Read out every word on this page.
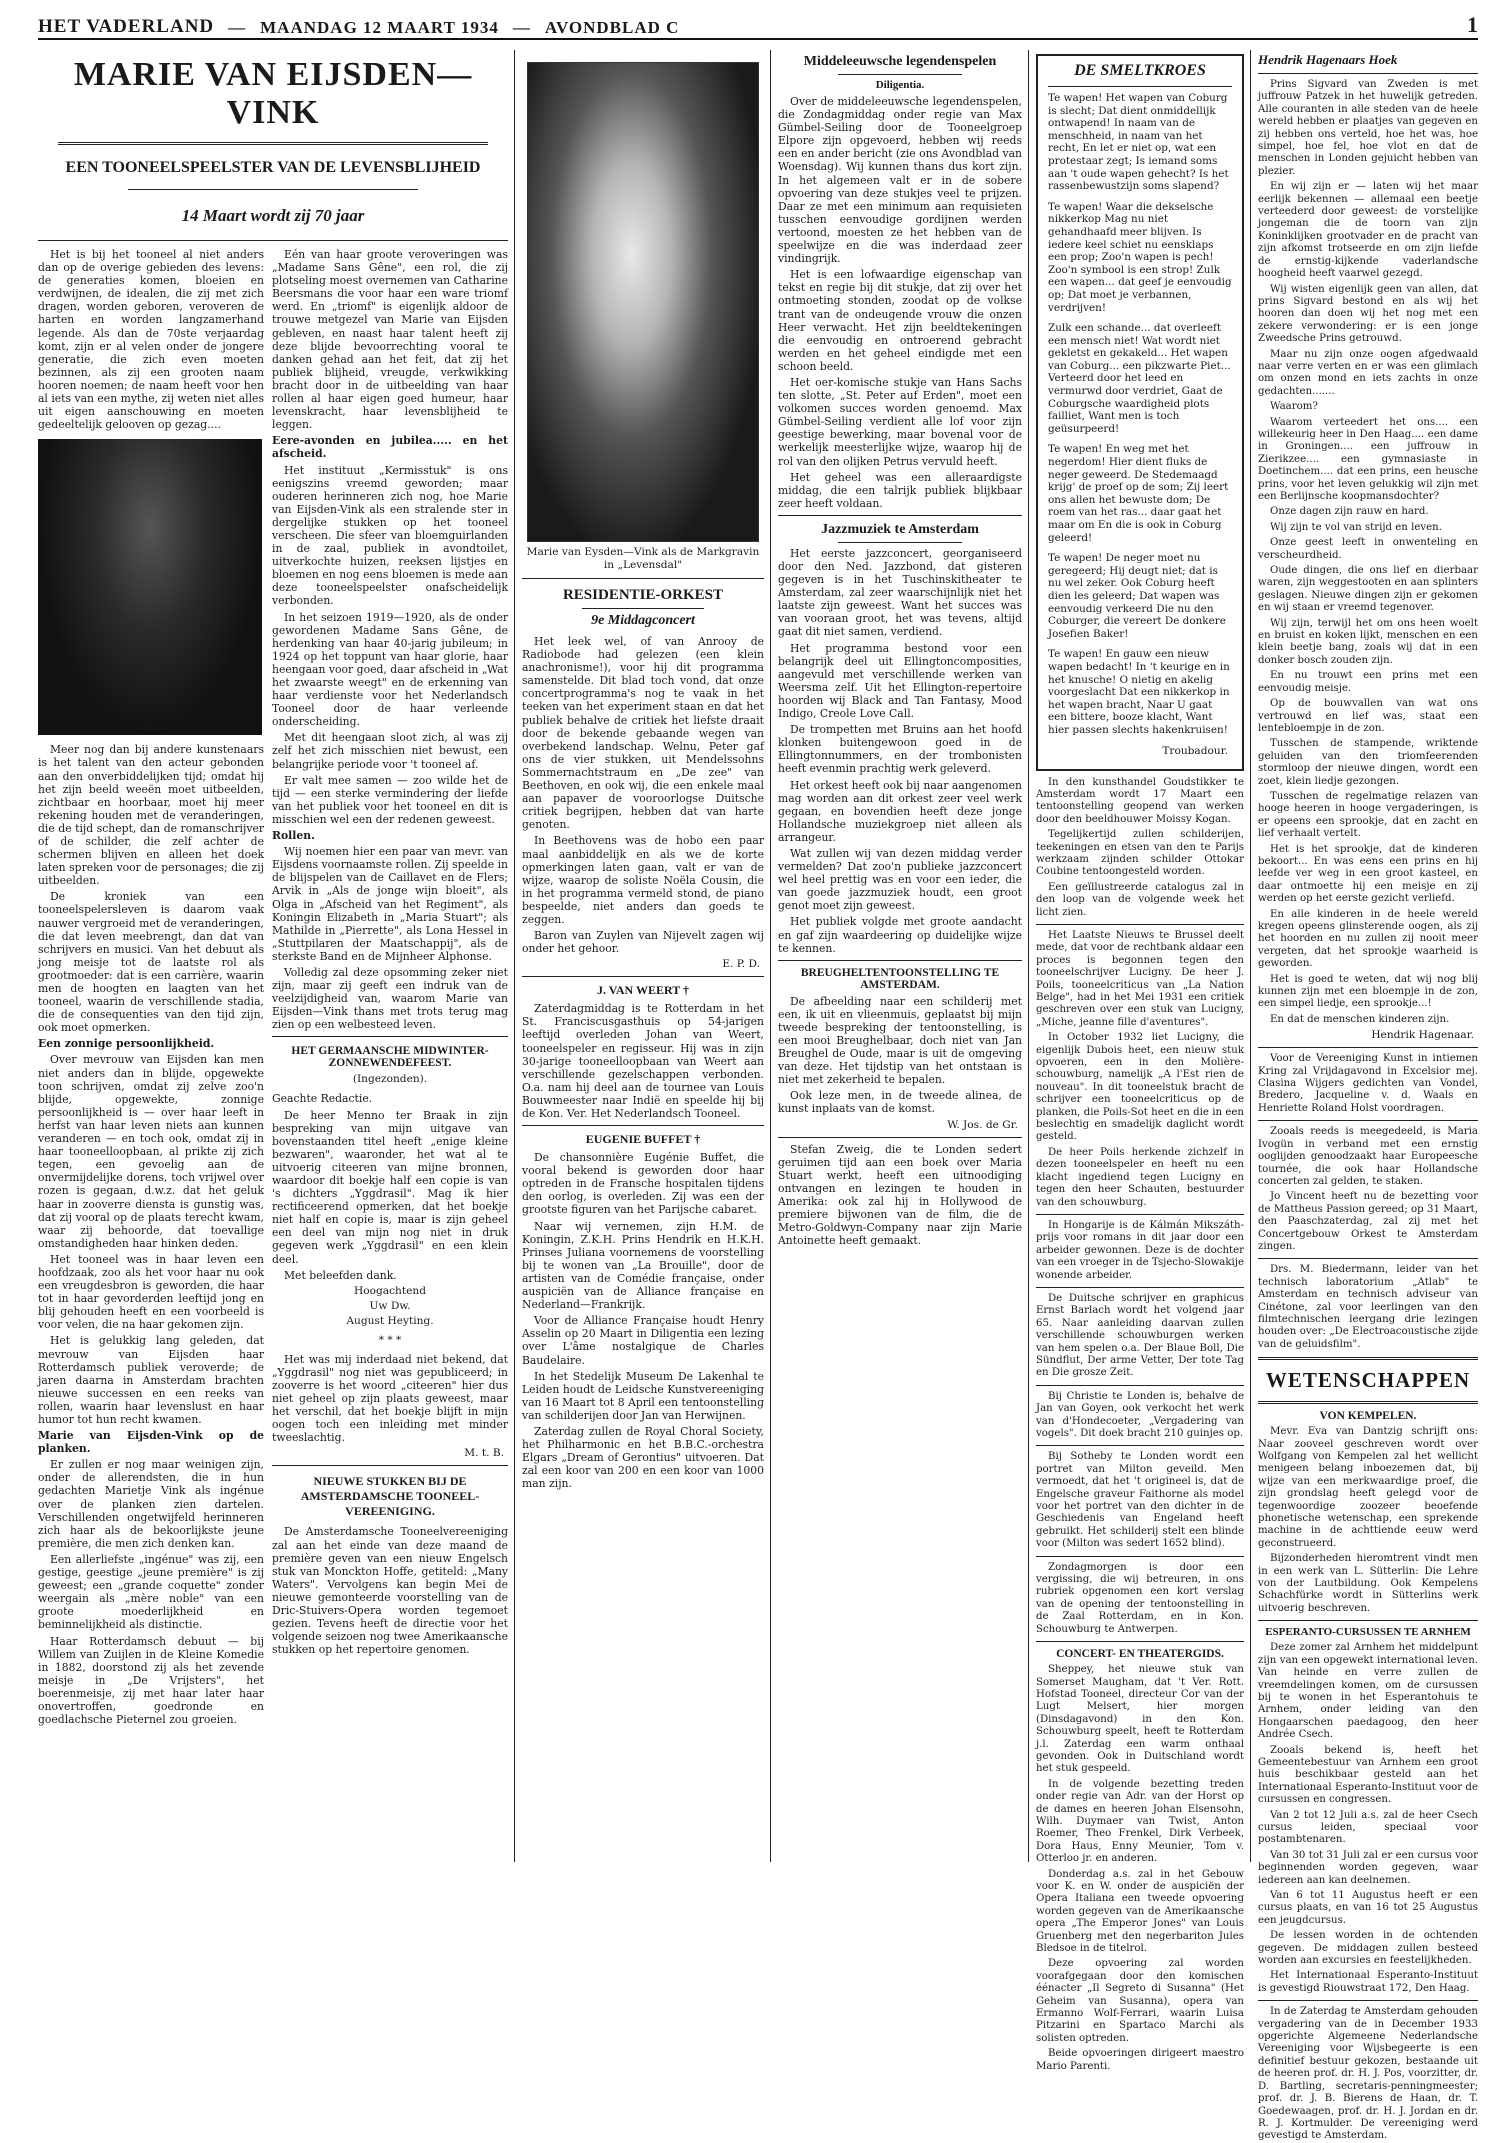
HET VADERLAND — MAANDAG 12 MAART 1934 — AVONDBLAD C	1
MARIE VAN EIJSDEN—VINK
EEN TOONEELSPEELSTER VAN DE LEVENSBLIJHEID
14 Maart wordt zij 70 jaar

Het is bij het tooneel al niet anders dan op de overige gebieden des levens: de generaties komen, bloeien en verdwijnen, de idealen, die zij met zich dragen, worden geboren, veroveren de harten en worden langzamerhand legende. Als dan de 70ste verjaardag komt, zijn er al velen onder de jongere generatie, die zich even moeten bezinnen, als zij een grooten naam hooren noemen; de naam heeft voor hen al iets van een mythe, zij weten niet alles uit eigen aanschouwing en moeten gedeeltelijk gelooven op gezag....

Meer nog dan bij andere kunstenaars is het talent van den acteur gebonden aan den onverbiddelijken tijd; omdat hij het zijn beeld weeën moet uitbeelden, zichtbaar en hoorbaar, moet hij meer rekening houden met de veranderingen, die de tijd schept, dan de romanschrijver of de schilder, die zelf achter de schermen blijven en alleen het doek laten spreken voor de personages; die zij uitbeelden.

De kroniek van een tooneelspelersleven is daarom vaak nauwer vergroeid met de veranderingen, die dat leven meebrengt, dan dat van schrijvers en musici. Van het debuut als jong meisje tot de laatste rol als grootmoeder: dat is een carrière, waarin men de hoogten en laagten van het tooneel, waarin de verschillende stadia, die de consequenties van den tijd zijn, ook moet opmerken.

Een zonnige persoonlijkheid.

Over mevrouw van Eijsden kan men niet anders dan in blijde, opgewekte toon schrijven, omdat zij zelve zoo'n blijde, opgewekte, zonnige persoonlijkheid is — over haar leeft in herfst van haar leven niets aan kunnen veranderen — en toch ook, omdat zij in haar tooneelloopbaan, al prikte zij zich tegen, een gevoelig aan de onvermijdelijke dorens, toch vrijwel over rozen is gegaan, d.w.z. dat het geluk haar in zooverre diensta is gunstig was, dat zij vooral op de plaats terecht kwam, waar zij behoorde, dat toevallige omstandigheden haar hinken deden.

Het tooneel was in haar leven een hoofdzaak, zoo als het voor haar nu ook een vreugdesbron is geworden, die haar tot in haar gevorderden leeftijd jong en blij gehouden heeft en een voorbeeld is voor velen, die na haar gekomen zijn.

Het is gelukkig lang geleden, dat mevrouw van Eijsden haar Rotterdamsch publiek veroverde; de jaren daarna in Amsterdam brachten nieuwe successen en een reeks van rollen, waarin haar levenslust en haar humor tot hun recht kwamen.

Marie van Eijsden-Vink op de planken.

Er zullen er nog maar weinigen zijn, onder de allerendsten, die in hun gedachten Marietje Vink als ingénue over de planken zien dartelen. Verschillenden ongetwijfeld herinneren zich haar als de bekoorlijkste jeune première, die men zich denken kan.

Een allerliefste „ingénue" was zij, een gestige, geestige „jeune première" is zij geweest; een „grande coquette" zonder weergain als „mère noble" van een groote moederlijkheid en beminnelijkheid als distinctie.

Haar Rotterdamsch debuut — bij Willem van Zuijlen in de Kleine Komedie in 1882, doorstond zij als het zevende meisje in „De Vrijsters", het boerenmeisje, zij met haar later haar onovertroffen, goedronde en goedlachsche Pieternel zou groeien.

Eén van haar groote veroveringen was „Madame Sans Gêne", een rol, die zij plotseling moest overnemen van Catharine Beersmans die voor haar een ware triomf werd. En „triomf" is eigenlijk aldoor de trouwe metgezel van Marie van Eijsden gebleven, en naast haar talent heeft zij deze blijde bevoorrechting vooral te danken gehad aan het feit, dat zij het publiek blijheid, vreugde, verkwikking bracht door in de uitbeelding van haar rollen al haar eigen goed humeur, haar levenskracht, haar levensblijheid te leggen.

Eere-avonden en jubilea..... en het afscheid.

Het instituut „Kermisstuk" is ons eenigszins vreemd geworden; maar ouderen herinneren zich nog, hoe Marie van Eijsden-Vink als een stralende ster in dergelijke stukken op het tooneel verscheen. Die sfeer van bloemguirlanden in de zaal, publiek in avondtoilet, uitverkochte huizen, reeksen lijstjes en bloemen en nog eens bloemen is mede aan deze tooneelspeelster onafscheidelijk verbonden.

In het seizoen 1919—1920, als de onder gewordenen Madame Sans Gêne, de herdenking van haar 40-jarig jubileum; in 1924 op het toppunt van haar glorie, haar heengaan voor goed, daar afscheid in „Wat het zwaarste weegt" en de erkenning van haar verdienste voor het Nederlandsch Tooneel door de haar verleende onderscheiding.

Met dit heengaan sloot zich, al was zij zelf het zich misschien niet bewust, een belangrijke periode voor 't tooneel af.

Er valt mee samen — zoo wilde het de tijd — een sterke vermindering der liefde van het publiek voor het tooneel en dit is misschien wel een der redenen geweest.

Rollen.

Wij noemen hier een paar van mevr. van Eijsdens voornaamste rollen. Zij speelde in de blijspelen van de Caillavet en de Flers; Arvik in „Als de jonge wijn bloeit", als Olga in „Afscheid van het Regiment", als Koningin Elizabeth in „Maria Stuart"; als Mathilde in „Pierrette", als Lona Hessel in „Stuttpilaren der Maatschappij", als de sterkste Band en de Mijnheer Alphonse.

Volledig zal deze opsomming zeker niet zijn, maar zij geeft een indruk van de veelzijdigheid van, waarom Marie van Eijsden—Vink thans met trots terug mag zien op een welbesteed leven.

HET GERMAANSCHE MIDWINTER-ZONNEWENDEFEEST.
(Ingezonden).

Geachte Redactie.

De heer Menno ter Braak in zijn bespreking van mijn uitgave van bovenstaanden titel heeft „enige kleine bezwaren", waaronder, het wat al te uitvoerig citeeren van mijne bronnen, waardoor dit boekje half een copie is van 's dichters „Yggdrasil". Mag ik hier rectificeerend opmerken, dat het boekje niet half en copie is, maar is zijn geheel een deel van mijn nog niet in druk gegeven werk „Yggdrasil" en een klein deel.

Met beleefden dank.

Hoogachtend
Uw Dw.
August Heyting.
* * *

Het was mij inderdaad niet bekend, dat „Yggdrasil" nog niet was gepubliceerd; in zooverre is het woord „citeeren" hier dus niet geheel op zijn plaats geweest, maar het verschil, dat het boekje blijft in mijn oogen toch een inleiding met minder tweeslachtig.

M. t. B.
NIEUWE STUKKEN BIJ DE AMSTERDAMSCHE TOONEEL-VEREENIGING.

De Amsterdamsche Tooneelvereeniging zal aan het einde van deze maand de première geven van een nieuw Engelsch stuk van Monckton Hoffe, getiteld: „Many Waters". Vervolgens kan begin Mei de nieuwe gemonteerde voorstelling van de Dric-Stuivers-Opera worden tegemoet gezien. Tevens heeft de directie voor het volgende seizoen nog twee Amerikaansche stukken op het repertoire genomen.

Marie van Eysden—Vink als de Markgravin in „Levensdal"
RESIDENTIE-ORKEST
9e Middagconcert

Het leek wel, of van Anrooy de Radiobode had gelezen (een klein anachronisme!), voor hij dit programma samenstelde. Dit blad toch vond, dat onze concertprogramma's nog te vaak in het teeken van het experiment staan en dat het publiek behalve de critiek het liefste draait door de bekende gebaande wegen van overbekend landschap. Welnu, Peter gaf ons de vier stukken, uit Mendelssohns Sommernachtstraum en „De zee" van Beethoven, en ook wij, die een enkele maal aan papaver de vooroorlogse Duitsche critiek begrijpen, hebben dat van harte genoten.

In Beethovens was de hobo een paar maal aanbiddelijk en als we de korte opmerkingen laten gaan, valt er van de wijze, waarop de soliste Noëla Cousin, die in het programma vermeld stond, de piano bespeelde, niet anders dan goeds te zeggen.

Baron van Zuylen van Nijevelt zagen wij onder het gehoor.

E. P. D.
J. VAN WEERT †

Zaterdagmiddag is te Rotterdam in het St. Franciscusgasthuis op 54-jarigen leeftijd overleden Johan van Weert, tooneelspeler en regisseur. Hij was in zijn 30-jarige tooneelloopbaan van Weert aan verschillende gezelschappen verbonden. O.a. nam hij deel aan de tournee van Louis Bouwmeester naar Indië en speelde hij bij de Kon. Ver. Het Nederlandsch Tooneel.

EUGENIE BUFFET †

De chansonnière Eugénie Buffet, die vooral bekend is geworden door haar optreden in de Fransche hospitalen tijdens den oorlog, is overleden. Zij was een der grootste figuren van het Parijsche cabaret.

Naar wij vernemen, zijn H.M. de Koningin, Z.K.H. Prins Hendrik en H.K.H. Prinses Juliana voornemens de voorstelling bij te wonen van „La Brouille", door de artisten van de Comédie française, onder auspiciën van de Alliance française en Nederland—Frankrijk.

Voor de Alliance Française houdt Henry Asselin op 20 Maart in Diligentia een lezing over L'âme nostalgique de Charles Baudelaire.

In het Stedelijk Museum De Lakenhal te Leiden houdt de Leidsche Kunstvereeniging van 16 Maart tot 8 April een tentoonstelling van schilderijen door Jan van Herwijnen.

Zaterdag zullen de Royal Choral Society, het Philharmonic en het B.B.C.-orchestra Elgars „Dream of Gerontius" uitvoeren. Dat zal een koor van 200 en een koor van 1000 man zijn.

Middeleeuwsche legendenspelen
Diligentia.

Over de middeleeuwsche legendenspelen, die Zondagmiddag onder regie van Max Gümbel-Seiling door de Tooneelgroep Elpore zijn opgevoerd, hebben wij reeds een en ander bericht (zie ons Avondblad van Woensdag). Wij kunnen thans dus kort zijn. In het algemeen valt er in de sobere opvoering van deze stukjes veel te prijzen. Daar ze met een minimum aan requisieten tusschen eenvoudige gordijnen werden vertoond, moesten ze het hebben van de speelwijze en die was inderdaad zeer vindingrijk.

Het is een lofwaardige eigenschap van tekst en regie bij dit stukje, dat zij over het ontmoeting stonden, zoodat op de volkse trant van de ondeugende vrouw die onzen Heer verwacht. Het zijn beeldtekeningen die eenvoudig en ontroerend gebracht werden en het geheel eindigde met een schoon beeld.

Het oer-komische stukje van Hans Sachs ten slotte, „St. Peter auf Erden", moet een volkomen succes worden genoemd. Max Gümbel-Seiling verdient alle lof voor zijn geestige bewerking, maar bovenal voor de werkelijk meesterlijke wijze, waarop hij de rol van den olijken Petrus vervuld heeft.

Het geheel was een alleraardigste middag, die een talrijk publiek blijkbaar zeer heeft voldaan.

Jazzmuziek te Amsterdam

Het eerste jazzconcert, georganiseerd door den Ned. Jazzbond, dat gisteren gegeven is in het Tuschinskitheater te Amsterdam, zal zeer waarschijnlijk niet het laatste zijn geweest. Want het succes was van vooraan groot, het was tevens, altijd gaat dit niet samen, verdiend.

Het programma bestond voor een belangrijk deel uit Ellingtoncomposities, aangevuld met verschillende werken van Weersma zelf. Uit het Ellington-repertoire hoorden wij Black and Tan Fantasy, Mood Indigo, Creole Love Call.

De trompetten met Bruins aan het hoofd klonken buitengewoon goed in de Ellingtonnummers, en der trombonisten heeft evenmin prachtig werk geleverd.

Het orkest heeft ook bij naar aangenomen mag worden aan dit orkest zeer veel werk gegaan, en bovendien heeft deze jonge Hollandsche muziekgroep niet alleen als arrangeur.

Wat zullen wij van dezen middag verder vermelden? Dat zoo'n publieke jazzconcert wel heel prettig was en voor een ieder, die van goede jazzmuziek houdt, een groot genot moet zijn geweest.

Het publiek volgde met groote aandacht en gaf zijn waardeering op duidelijke wijze te kennen.

BREUGHELTENTOONSTELLING TE AMSTERDAM.

De afbeelding naar een schilderij met een, ik uit en vlieenmuis, geplaatst bij mijn tweede bespreking der tentoonstelling, is een mooi Breughelbaar, doch niet van Jan Breughel de Oude, maar is uit de omgeving van deze. Het tijdstip van het ontstaan is niet met zekerheid te bepalen.

Ook leze men, in de tweede alinea, de kunst inplaats van de komst.

W. Jos. de Gr.

Stefan Zweig, die te Londen sedert geruimen tijd aan een boek over Maria Stuart werkt, heeft een uitnoodiging ontvangen en lezingen te houden in Amerika: ook zal hij in Hollywood de premiere bijwonen van de film, die de Metro-Goldwyn-Company naar zijn Marie Antoinette heeft gemaakt.

DE SMELTKROES
Te wapen! Het wapen van Coburg is slecht; Dat dient onmiddellijk ontwapend! In naam van de menschheid, in naam van het recht, En let er niet op, wat een protestaar zegt; Is iemand soms aan 't oude wapen gehecht? Is het rassenbewustzijn soms slapend?
Te wapen! Waar die dekselsche nikkerkop Mag nu niet gehandhaafd meer blijven. Is iedere keel schiet nu eensklaps een prop; Zoo'n wapen is pech! Zoo'n symbool is een strop! Zulk een wapen... dat geef je eenvoudig op; Dat moet je verbannen, verdrijven!
Zulk een schande... dat overleeft een mensch niet! Wat wordt niet gekletst en gekakeld... Het wapen van Coburg... een pikzwarte Piet... Verteerd door het leed en vermurwd door verdriet, Gaat de Coburgsche waardigheid plots failliet, Want men is toch geüsurpeerd!
Te wapen! En weg met het negerdom! Hier dient fluks de neger geweerd. De Stedemaagd krijg' de proef op de som; Zij leert ons allen het bewuste dom; De roem van het ras... daar gaat het maar om En die is ook in Coburg geleerd!
Te wapen! De neger moet nu geregeerd; Hij deugt niet; dat is nu wel zeker. Ook Coburg heeft dien les geleerd; Dat wapen was eenvoudig verkeerd Die nu den Coburger, die vereert De donkere Josefien Baker!
Te wapen! En gauw een nieuw wapen bedacht! In 't keurige en in het knusche! O nietig en akelig voorgeslacht Dat een nikkerkop in het wapen bracht, Naar U gaat een bittere, booze klacht, Want hier passen slechts hakenkruisen!
Troubadour.

In den kunsthandel Goudstikker te Amsterdam wordt 17 Maart een tentoonstelling geopend van werken door den beeldhouwer Moissy Kogan.

Tegelijkertijd zullen schilderijen, teekeningen en etsen van den te Parijs werkzaam zijnden schilder Ottokar Coubine tentoongesteld worden.

Een geïllustreerde catalogus zal in den loop van de volgende week het licht zien.

Het Laatste Nieuws te Brussel deelt mede, dat voor de rechtbank aldaar een proces is begonnen tegen den tooneelschrijver Lucigny. De heer J. Poils, tooneelcriticus van „La Nation Belge", had in het Mei 1931 een critiek geschreven over een stuk van Lucigny, „Miche, jeanne fille d'aventures".

In October 1932 liet Lucigny, die eigenlijk Dubois heet, een nieuw stuk opvoeren, een in den Molière-schouwburg, namelijk „A l'Est rien de nouveau". In dit tooneelstuk bracht de schrijver een tooneelcriticus op de planken, die Poils-Sot heet en die in een beslechtig en smadelijk daglicht wordt gesteld.

De heer Poils herkende zichzelf in dezen tooneelspeler en heeft nu een klacht ingediend tegen Lucigny en tegen den heer Schauten, bestuurder van den schouwburg.

In Hongarije is de Kálmán Mikszáth-prijs voor romans in dit jaar door een arbeider gewonnen. Deze is de dochter van een vroeger in de Tsjecho-Slowakije wonende arbeider.

De Duitsche schrijver en graphicus Ernst Barlach wordt het volgend jaar 65. Naar aanleiding daarvan zullen verschillende schouwburgen werken van hem spelen o.a. Der Blaue Boll, Die Sündflut, Der arme Vetter, Der tote Tag en Die grosze Zeit.

Bij Christie te Londen is, behalve de Jan van Goyen, ook verkocht het werk van d'Hondecoeter, „Vergadering van vogels". Dit doek bracht 210 guinjes op.

Bij Sotheby te Londen wordt een portret van Milton geveild. Men vermoedt, dat het 't origineel is, dat de Engelsche graveur Faithorne als model voor het portret van den dichter in de Geschiedenis van Engeland heeft gebruikt. Het schilderij stelt een blinde voor (Milton was sedert 1652 blind).

Zondagmorgen is door een vergissing, die wij betreuren, in ons rubriek opgenomen een kort verslag van de opening der tentoonstelling in de Zaal Rotterdam, en in Kon. Schouwburg te Antwerpen.

CONCERT- EN THEATERGIDS.

Sheppey, het nieuwe stuk van Somerset Maugham, dat 't Ver. Rott. Hofstad Tooneel, directeur Cor van der Lugt Melsert, hier morgen (Dinsdagavond) in den Kon. Schouwburg speelt, heeft te Rotterdam j.l. Zaterdag een warm onthaal gevonden. Ook in Duitschland wordt het stuk gespeeld.

In de volgende bezetting treden onder regie van Adr. van der Horst op de dames en heeren Johan Elsensohn, Wilh. Duymaer van Twist, Anton Roemer, Theo Frenkel, Dirk Verbeek, Dora Haus, Enny Meunier, Tom v. Otterloo jr. en anderen.

Donderdag a.s. zal in het Gebouw voor K. en W. onder de auspiciën der Opera Italiana een tweede opvoering worden gegeven van de Amerikaansche opera „The Emperor Jones" van Louis Gruenberg met den negerbariton Jules Bledsoe in de titelrol.

Deze opvoering zal worden voorafgegaan door den komischen éénacter „Il Segreto di Susanna" (Het Geheim van Susanna), opera van Ermanno Wolf-Ferrari, waarin Luisa Pitzarini en Spartaco Marchi als solisten optreden.

Beide opvoeringen dirigeert maestro Mario Parenti.

Hendrik Hagenaars Hoek

Prins Sigvard van Zweden is met juffrouw Patzek in het huwelijk getreden. Alle couranten in alle steden van de heele wereld hebben er plaatjes van gegeven en zij hebben ons verteld, hoe het was, hoe simpel, hoe fel, hoe vlot en dat de menschen in Londen gejuicht hebben van plezier.

En wij zijn er — laten wij het maar eerlijk bekennen — allemaal een beetje verteederd door geweest: de vorstelijke jongeman die de toorn van zijn Koninklijken grootvader en de pracht van zijn afkomst trotseerde en om zijn liefde de ernstig-kijkende vaderlandsche hoogheid heeft vaarwel gezegd.

Wij wisten eigenlijk geen van allen, dat prins Sigvard bestond en als wij het hooren dan doen wij het nog met een zekere verwondering: er is een jonge Zweedsche Prins getrouwd.

Maar nu zijn onze oogen afgedwaald naar verre verten en er was een glimlach om onzen mond en iets zachts in onze gedachten.......

Waarom?

Waarom verteedert het ons.... een willekeurig heer in Den Haag.... een dame in Groningen.... een juffrouw in Zierikzee.... een gymnasiaste in Doetinchem.... dat een prins, een heusche prins, voor het leven gelukkig wil zijn met een Berlijnsche koopmansdochter?

Onze dagen zijn rauw en hard.

Wij zijn te vol van strijd en leven.

Onze geest leeft in onwenteling en verscheurdheid.

Oude dingen, die ons lief en dierbaar waren, zijn weggestooten en aan splinters geslagen. Nieuwe dingen zijn er gekomen en wij staan er vreemd tegenover.

Wij zijn, terwijl het om ons heen woelt en bruist en koken lijkt, menschen en een klein beetje bang, zoals wij dat in een donker bosch zouden zijn.

En nu trouwt een prins met een eenvoudig meisje.

Op de bouwvallen van wat ons vertrouwd en lief was, staat een lentebloempje in de zon.

Tusschen de stampende, wriktende geluiden van den triomfeerenden stormloop der nieuwe dingen, wordt een zoet, klein liedje gezongen.

Tusschen de regelmatige relazen van hooge heeren in hooge vergaderingen, is er opeens een sprookje, dat en zacht en lief verhaalt vertelt.

Het is het sprookje, dat de kinderen bekoort... En was eens een prins en hij leefde ver weg in een groot kasteel, en daar ontmoette hij een meisje en zij werden op het eerste gezicht verliefd.

En alle kinderen in de heele wereld kregen opeens glinsterende oogen, als zij het hoorden en nu zullen zij nooit meer vergeten, dat het sprookje waarheid is geworden.

Het is goed te weten, dat wij nog blij kunnen zijn met een bloempje in de zon, een simpel liedje, een sprookje...!

En dat de menschen kinderen zijn.

Hendrik Hagenaar.

Voor de Vereeniging Kunst in intiemen Kring zal Vrijdagavond in Excelsior mej. Clasina Wijgers gedichten van Vondel, Bredero, Jacqueline v. d. Waals en Henriette Roland Holst voordragen.

Zooals reeds is meegedeeld, is Maria Ivogün in verband met een ernstig ooglijden genoodzaakt haar Europeesche tournée, die ook haar Hollandsche concerten zal gelden, te staken.

Jo Vincent heeft nu de bezetting voor de Mattheus Passion gereed; op 31 Maart, den Paaschzaterdag, zal zij met het Concertgebouw Orkest te Amsterdam zingen.

Drs. M. Biedermann, leider van het technisch laboratorium „Atlab" te Amsterdam en technisch adviseur van Cinétone, zal voor leerlingen van den filmtechnischen leergang drie lezingen houden over: „De Electroacoustische zijde van de geluidsfilm".

WETENSCHAPPEN
VON KEMPELEN.

Mevr. Eva van Dantzig schrijft ons: Naar zooveel geschreven wordt over Wolfgang von Kempelen zal het wellicht menigeen belang inboezemen dat, bij wijze van een merkwaardige proef, die zijn grondslag heeft gelegd voor de tegenwoordige zoozeer beoefende phonetische wetenschap, een sprekende machine in de achttiende eeuw werd geconstrueerd.

Bijzonderheden hieromtrent vindt men in een werk van L. Sütterlin: Die Lehre von der Lautbildung. Ook Kempelens Schachfürke wordt in Sütterlins werk uitvoerig beschreven.

ESPERANTO-CURSUSSEN TE ARNHEM

Deze zomer zal Arnhem het middelpunt zijn van een opgewekt international leven. Van heinde en verre zullen de vreemdelingen komen, om de cursussen bij te wonen in het Esperantohuis te Arnhem, onder leiding van den Hongaarschen paedagoog, den heer Andrée Csech.

Zooals bekend is, heeft het Gemeentebestuur van Arnhem een groot huis beschikbaar gesteld aan het Internationaal Esperanto-Instituut voor de cursussen en congressen.

Van 2 tot 12 Juli a.s. zal de heer Csech cursus leiden, speciaal voor postambtenaren.

Van 30 tot 31 Juli zal er een cursus voor beginnenden worden gegeven, waar iedereen aan kan deelnemen.

Van 6 tot 11 Augustus heeft er een cursus plaats, en van 16 tot 25 Augustus een jeugdcursus.

De lessen worden in de ochtenden gegeven. De middagen zullen besteed worden aan excursies en feestelijkheden.

Het Internationaal Esperanto-Instituut is gevestigd Riouwstraat 172, Den Haag.

In de Zaterdag te Amsterdam gehouden vergadering van de in December 1933 opgerichte Algemeene Nederlandsche Vereeniging voor Wijsbegeerte is een definitief bestuur gekozen, bestaande uit de heeren prof. dr. H. J. Pos, voorzitter, dr. D. Bartling, secretaris-penningmeester; prof. dr. J. B. Bierens de Haan, dr. T. Goedewaagen, prof. dr. H. J. Jordan en dr. R. J. Kortmulder. De vereeniging werd gevestigd te Amsterdam.
